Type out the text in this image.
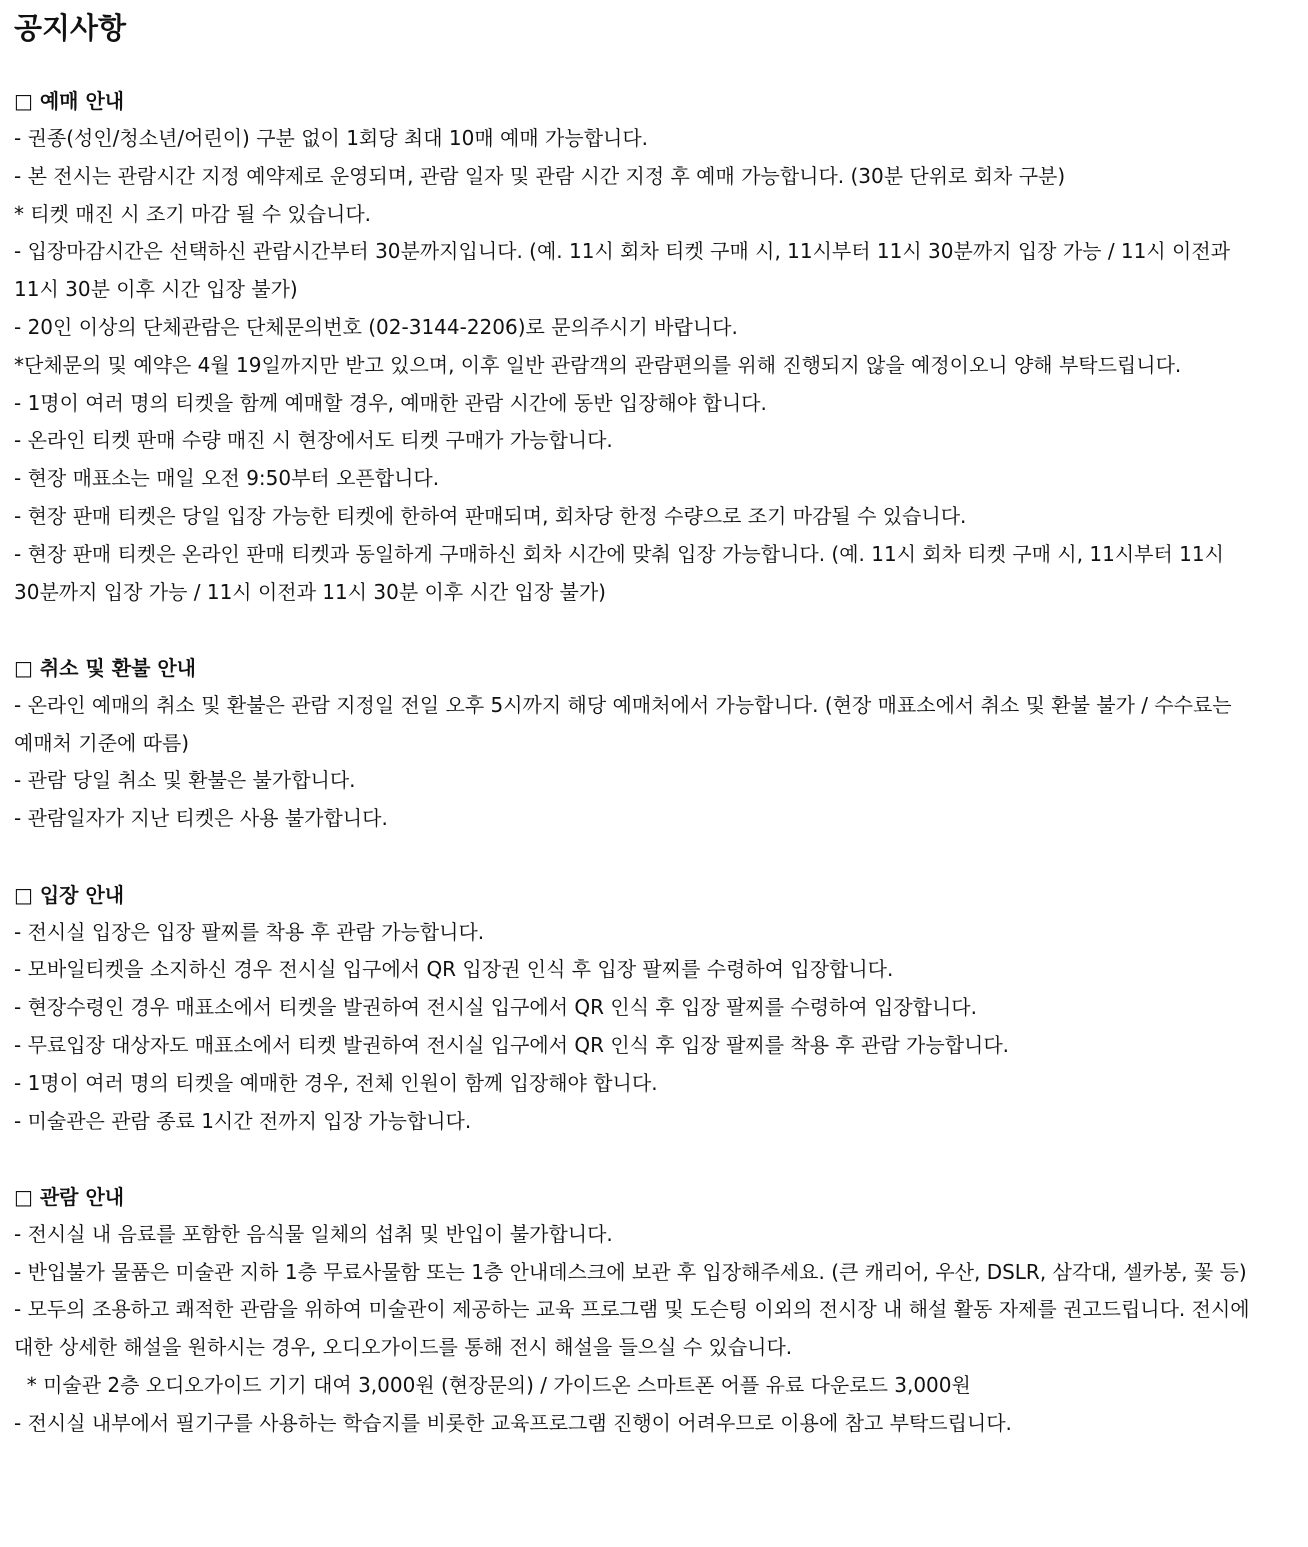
공지사항
□ 예매 안내
- 권종(성인/청소년/어린이) 구분 없이 1회당 최대 10매 예매 가능합니다.
- 본 전시는 관람시간 지정 예약제로 운영되며, 관람 일자 및 관람 시간 지정 후 예매 가능합니다. (30분 단위로 회차 구분)
* 티켓 매진 시 조기 마감 될 수 있습니다.
- 입장마감시간은 선택하신 관람시간부터 30분까지입니다. (예. 11시 회차 티켓 구매 시, 11시부터 11시 30분까지 입장 가능 / 11시 이전과 11시 30분 이후 시간 입장 불가)
- 20인 이상의 단체관람은 단체문의번호 (02-3144-2206)로 문의주시기 바랍니다.
*단체문의 및 예약은 4월 19일까지만 받고 있으며, 이후 일반 관람객의 관람편의를 위해 진행되지 않을 예정이오니 양해 부탁드립니다.
- 1명이 여러 명의 티켓을 함께 예매할 경우, 예매한 관람 시간에 동반 입장해야 합니다.
- 온라인 티켓 판매 수량 매진 시 현장에서도 티켓 구매가 가능합니다.
- 현장 매표소는 매일 오전 9:50부터 오픈합니다.
- 현장 판매 티켓은 당일 입장 가능한 티켓에 한하여 판매되며, 회차당 한정 수량으로 조기 마감될 수 있습니다.
- 현장 판매 티켓은 온라인 판매 티켓과 동일하게 구매하신 회차 시간에 맞춰 입장 가능합니다. (예. 11시 회차 티켓 구매 시, 11시부터 11시 30분까지 입장 가능 / 11시 이전과 11시 30분 이후 시간 입장 불가)
□ 취소 및 환불 안내
- 온라인 예매의 취소 및 환불은 관람 지정일 전일 오후 5시까지 해당 예매처에서 가능합니다. (현장 매표소에서 취소 및 환불 불가 / 수수료는 예매처 기준에 따름)
- 관람 당일 취소 및 환불은 불가합니다.
- 관람일자가 지난 티켓은 사용 불가합니다.
□ 입장 안내
- 전시실 입장은 입장 팔찌를 착용 후 관람 가능합니다.
- 모바일티켓을 소지하신 경우 전시실 입구에서 QR 입장권 인식 후 입장 팔찌를 수령하여 입장합니다.
- 현장수령인 경우 매표소에서 티켓을 발권하여 전시실 입구에서 QR 인식 후 입장 팔찌를 수령하여 입장합니다.
- 무료입장 대상자도 매표소에서 티켓 발권하여 전시실 입구에서 QR 인식 후 입장 팔찌를 착용 후 관람 가능합니다.
- 1명이 여러 명의 티켓을 예매한 경우, 전체 인원이 함께 입장해야 합니다.
- 미술관은 관람 종료 1시간 전까지 입장 가능합니다.
□ 관람 안내
- 전시실 내 음료를 포함한 음식물 일체의 섭취 및 반입이 불가합니다.
- 반입불가 물품은 미술관 지하 1층 무료사물함 또는 1층 안내데스크에 보관 후 입장해주세요. (큰 캐리어, 우산, DSLR, 삼각대, 셀카봉, 꽃 등)
- 모두의 조용하고 쾌적한 관람을 위하여 미술관이 제공하는 교육 프로그램 및 도슨팅 이외의 전시장 내 해설 활동 자제를 권고드립니다. 전시에 대한 상세한 해설을 원하시는 경우, 오디오가이드를 통해 전시 해설을 들으실 수 있습니다.
* 미술관 2층 오디오가이드 기기 대여 3,000원 (현장문의) / 가이드온 스마트폰 어플 유료 다운로드 3,000원
- 전시실 내부에서 필기구를 사용하는 학습지를 비롯한 교육프로그램 진행이 어려우므로 이용에 참고 부탁드립니다.
